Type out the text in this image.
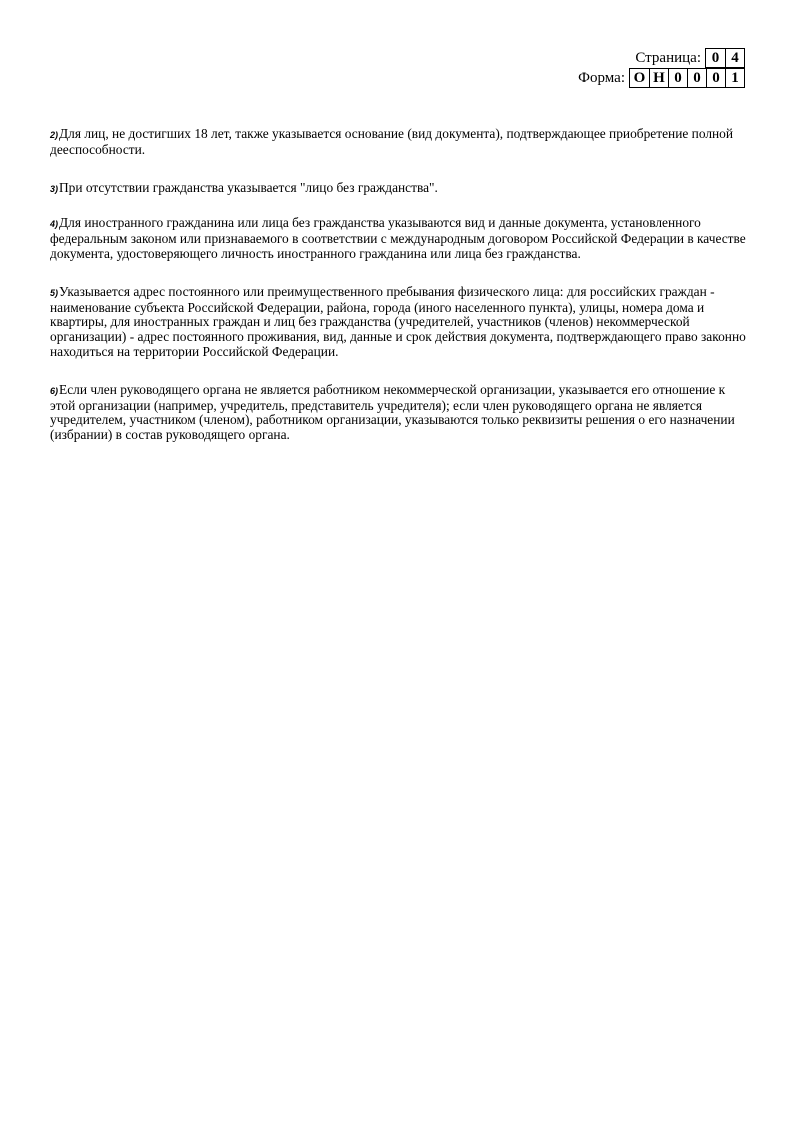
Страница: 0 4
Форма: О Н 0 0 0 1

2)Для лиц, не достигших 18 лет, также указывается основание (вид документа), подтверждающее приобретение полной дееспособности.

3)При отсутствии гражданства указывается "лицо без гражданства".

4)Для иностранного гражданина или лица без гражданства указываются вид и данные документа, установленного федеральным законом или признаваемого в соответствии с международным договором Российской Федерации в качестве документа, удостоверяющего личность иностранного гражданина или лица без гражданства.

5)Указывается адрес постоянного или преимущественного пребывания физического лица: для российских граждан - наименование субъекта Российской Федерации, района, города (иного населенного пункта), улицы, номера дома и квартиры, для иностранных граждан и лиц без гражданства (учредителей, участников (членов) некоммерческой организации) - адрес постоянного проживания, вид, данные и срок действия документа, подтверждающего право законно находиться на территории Российской Федерации.

6)Если член руководящего органа не является работником некоммерческой организации, указывается его отношение к этой организации (например, учредитель, представитель учредителя); если член руководящего органа не является учредителем, участником (членом), работником организации, указываются только реквизиты решения о его назначении (избрании) в состав руководящего органа.
